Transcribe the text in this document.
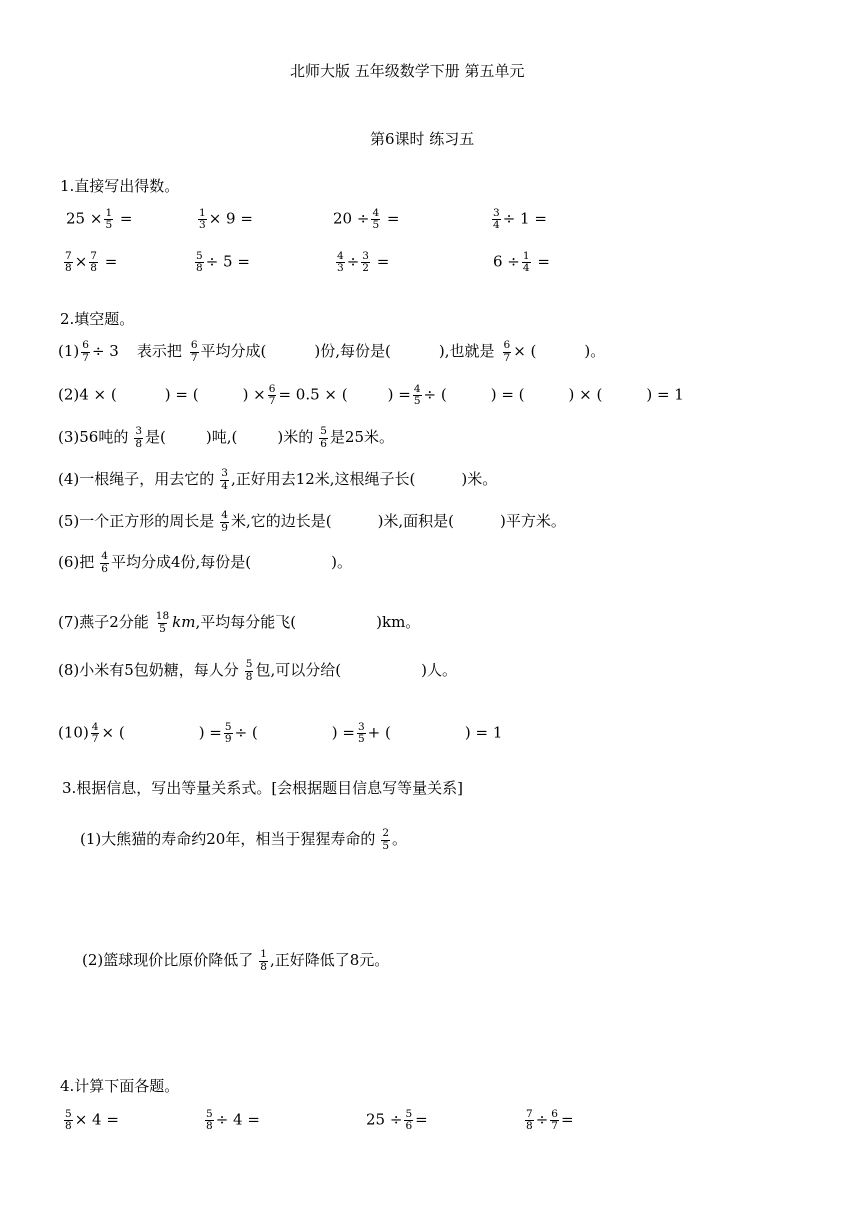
北师大版 五年级数学下册 第五单元
第6课时 练习五
1.直接写出得数。
$25 \times \frac{1}{5}$ =	$\frac{1}{3} \times 9$ =	$20 \div \frac{4}{5}$ =	$\frac{3}{4} \div 1$ =
$\frac{7}{8} \times \frac{7}{8}$ =	$\frac{5}{8} \div 5$ =	$\frac{4}{3} \div \frac{3}{2}$ =	$6 \div \frac{1}{4}$ =
2.填空题。
$(1) \frac{6}{7} \div 3$ 表示把 $\frac{6}{7}$ 平均分成(	)份,每份是(	),也就是 $\frac{6}{7}$ × (	)。
(2)4 × (	) = (	) × $\frac{6}{7} = 0.5$ × (	) = $\frac{4}{5}$ ÷ (	) = (	) × (	) = 1
(3)56吨的 $\frac{3}{8}$ 是(	)吨,(	)米的 $\frac{5}{6}$ 是25米。
(4)一根绳子，用去它的 $\frac{3}{4}$ ,正好用去12米,这根绳子长(	)米。
(5)一个正方形的周长是 $\frac{4}{9}$ 米,它的边长是(	)米,面积是(	)平方米。
(6)把 $\frac{4}{6}$ 平均分成4份,每份是(	)。
(7)燕子2分能 $\frac{18}{5}$ km,平均每分能飞(	)km。
(8)小米有5包奶糖，每人分 $\frac{5}{8}$ 包,可以分给(	)人。
$(10) \frac{4}{7}$ × (	) = $\frac{5}{9}$ ÷ (	) = $\frac{3}{5}$ + (	) = 1
3.根据信息，写出等量关系式。[会根据题目信息写等量关系]
(1)大熊猫的寿命约20年，相当于猩猩寿命的 $\frac{2}{5}$ 。
(2)篮球现价比原价降低了 $\frac{1}{8}$ ,正好降低了8元。
4.计算下面各题。
$\frac{5}{8} \times 4$ =	$\frac{5}{8} \div 4$ =	$25 \div \frac{5}{6}$ =	$\frac{7}{8} \div \frac{6}{7}$ =
